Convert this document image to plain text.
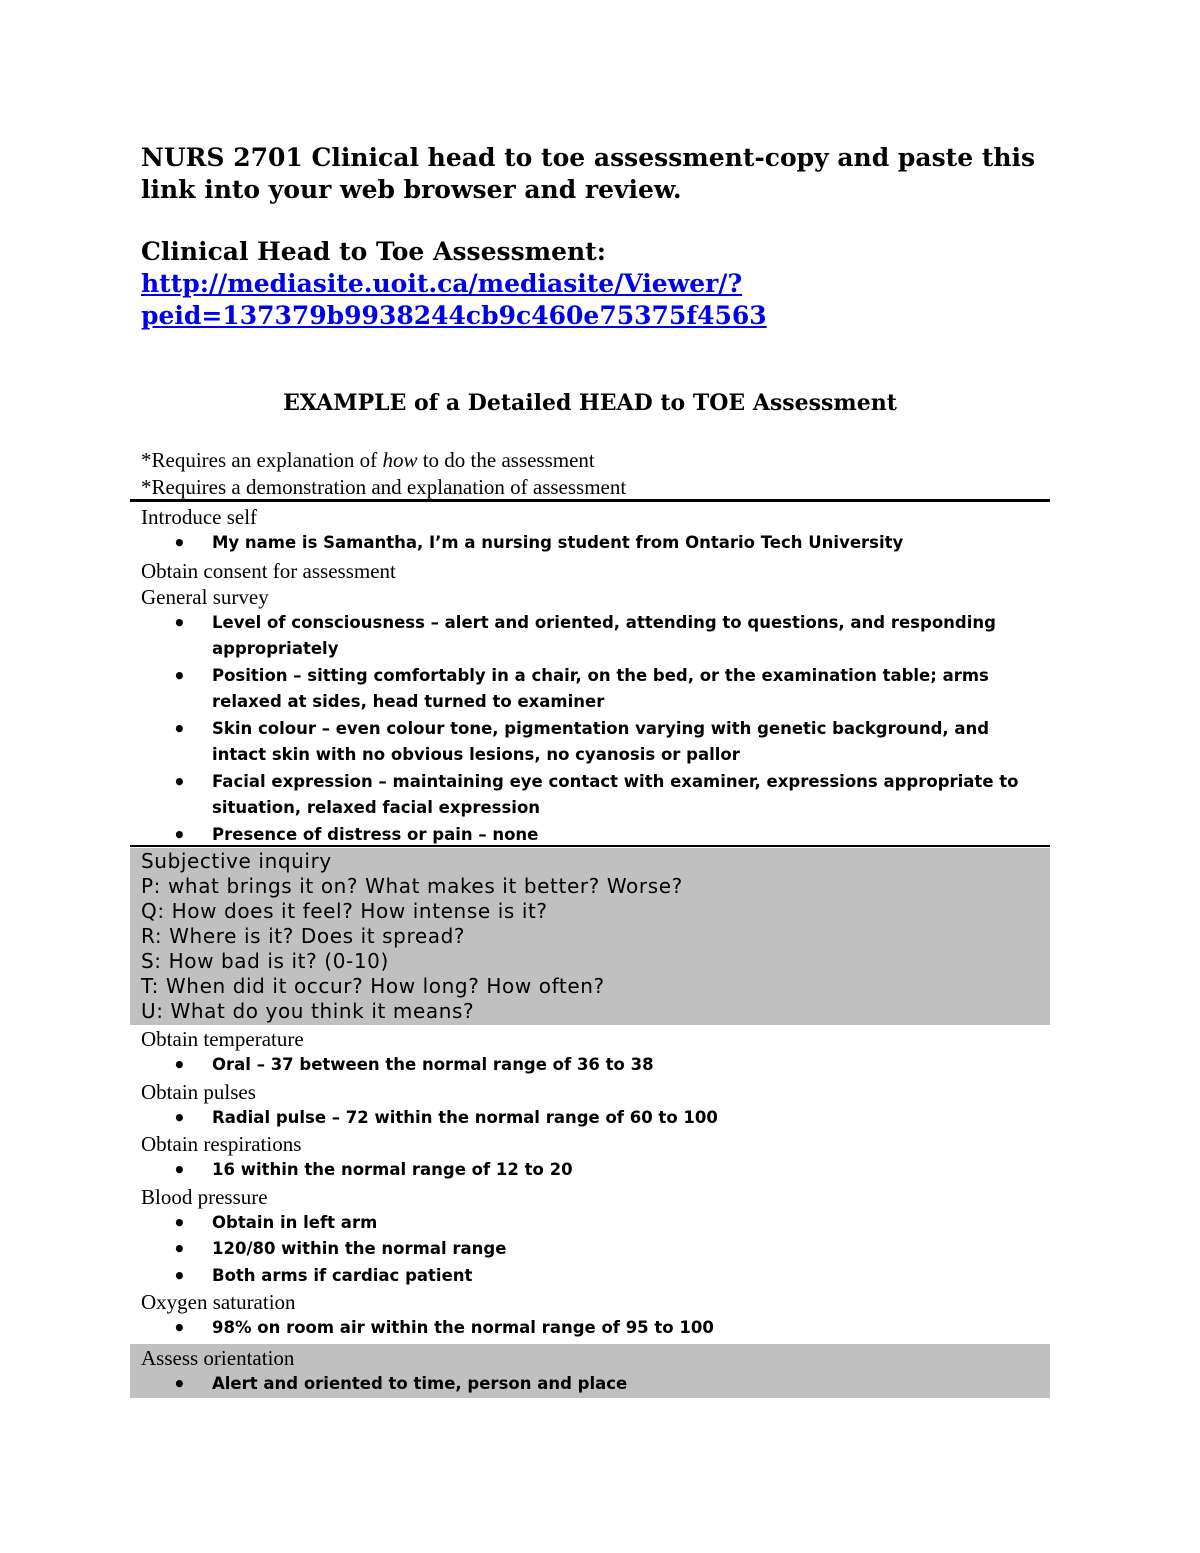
NURS 2701 Clinical head to toe assessment-copy and paste this link into your web browser and review.

Clinical Head to Toe Assessment:

http://mediasite.uoit.ca/mediasite/Viewer/?
peid=137379b9938244cb9c460e75375f4563
EXAMPLE of a Detailed HEAD to TOE Assessment

*Requires an explanation of how to do the assessment

*Requires a demonstration and explanation of assessment

Introduce self

• My name is Samantha, I’m a nursing student from Ontario Tech University

Obtain consent for assessment

General survey

• Level of consciousness – alert and oriented, attending to questions, and responding appropriately
• Position – sitting comfortably in a chair, on the bed, or the examination table; arms relaxed at sides, head turned to examiner
• Skin colour – even colour tone, pigmentation varying with genetic background, and intact skin with no obvious lesions, no cyanosis or pallor
• Facial expression – maintaining eye contact with examiner, expressions appropriate to situation, relaxed facial expression
• Presence of distress or pain – none

Subjective inquiry

P: what brings it on? What makes it better? Worse?

Q: How does it feel? How intense is it?

R: Where is it? Does it spread?

S: How bad is it? (0-10)

T: When did it occur? How long? How often?

U: What do you think it means?

Obtain temperature

• Oral – 37 between the normal range of 36 to 38

Obtain pulses

• Radial pulse – 72 within the normal range of 60 to 100

Obtain respirations

• 16 within the normal range of 12 to 20

Blood pressure

• Obtain in left arm
• 120/80 within the normal range
• Both arms if cardiac patient

Oxygen saturation

• 98% on room air within the normal range of 95 to 100

Assess orientation

• Alert and oriented to time, person and place
